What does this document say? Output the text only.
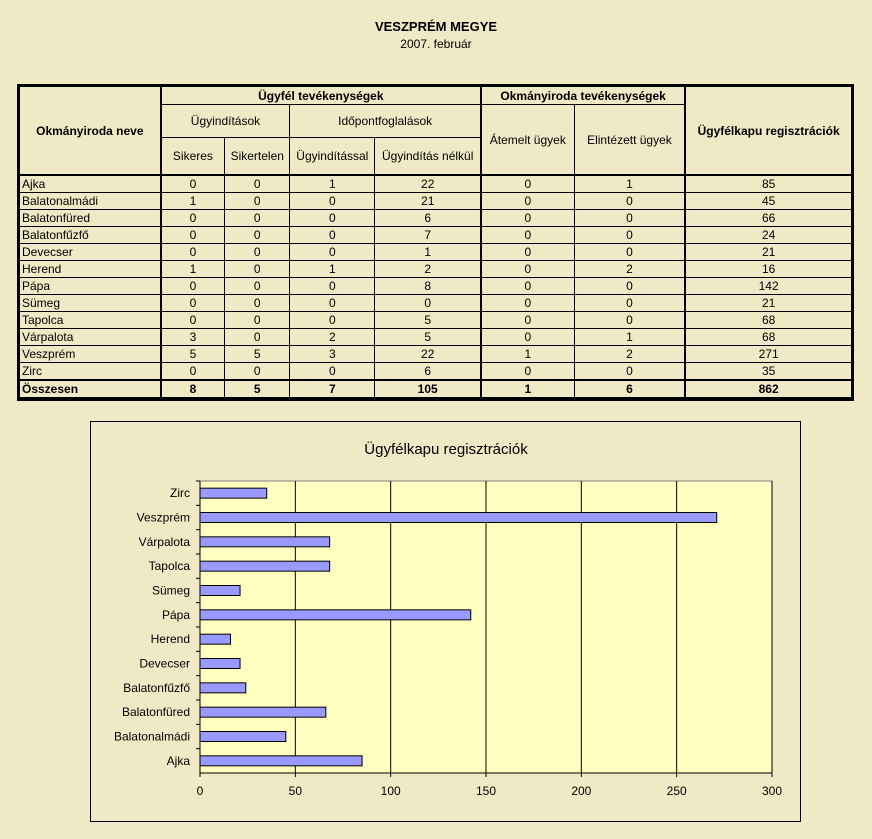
VESZPRÉM MEGYE
2007. február
Okmányiroda neve	Ügyfél tevékenységek				Okmányiroda tevékenységek		Ügyfélkapu regisztrációk
	Ügyindítások		Időpontfoglalások		Átemelt ügyek	Elintézett ügyek	
	Sikeres	Sikertelen	Ügyindítással	Ügyindítás nélkül			
Ajka	0	0	1	22	0	1	85
Balatonalmádi	1	0	0	21	0	0	45
Balatonfüred	0	0	0	6	0	0	66
Balatonfűzfő	0	0	0	7	0	0	24
Devecser	0	0	0	1	0	0	21
Herend	1	0	1	2	0	2	16
Pápa	0	0	0	8	0	0	142
Sümeg	0	0	0	0	0	0	21
Tapolca	0	0	0	5	0	0	68
Várpalota	3	0	2	5	0	1	68
Veszprém	5	5	3	22	1	2	271
Zirc	0	0	0	6	0	0	35
Összesen	8	5	7	105	1	6	862
Ügyfélkapu regisztrációk
0	50	100	150	200	250	300
Zirc
Veszprém
Várpalota
Tapolca
Sümeg
Pápa
Herend
Devecser
Balatonfűzfő
Balatonfüred
Balatonalmádi
Ajka
